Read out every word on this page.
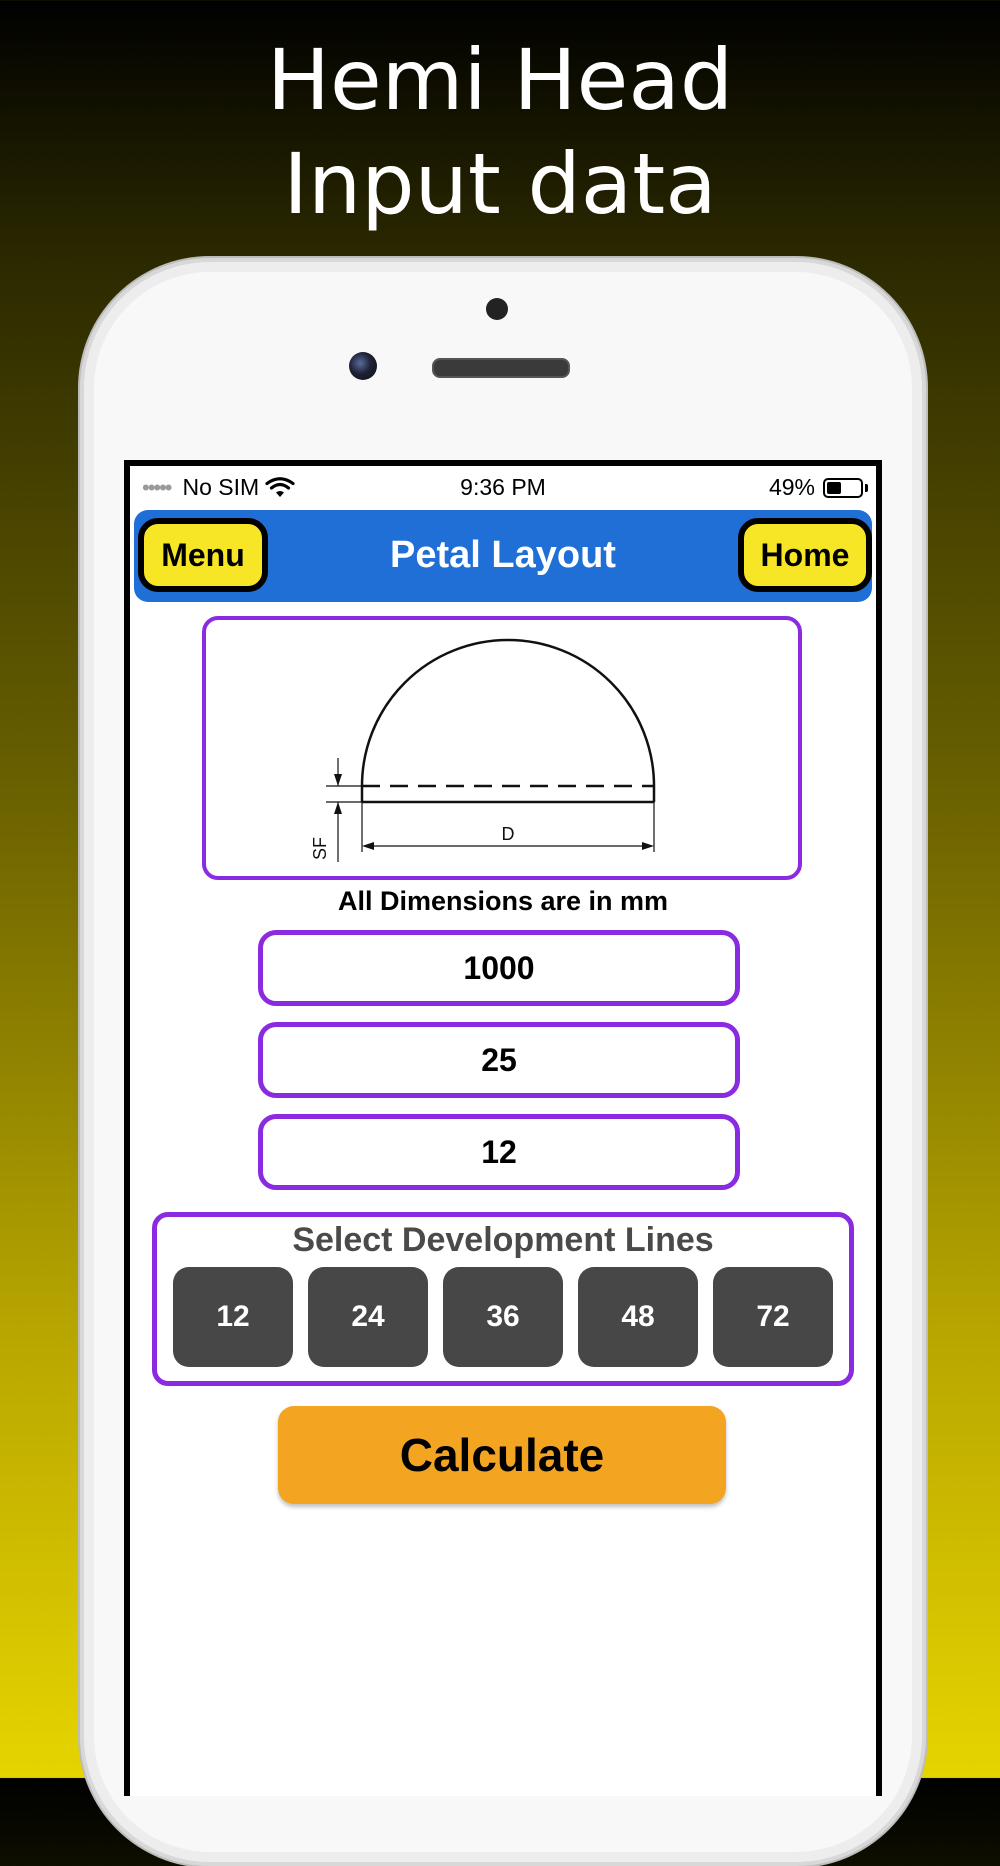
Hemi Head
Input data
••••• No SIM	9:36 PM	49%
Menu	Petal Layout	Home
SF
D
All Dimensions are in mm
1000
25
12
Select Development Lines
12	24	36	48	72
Calculate
